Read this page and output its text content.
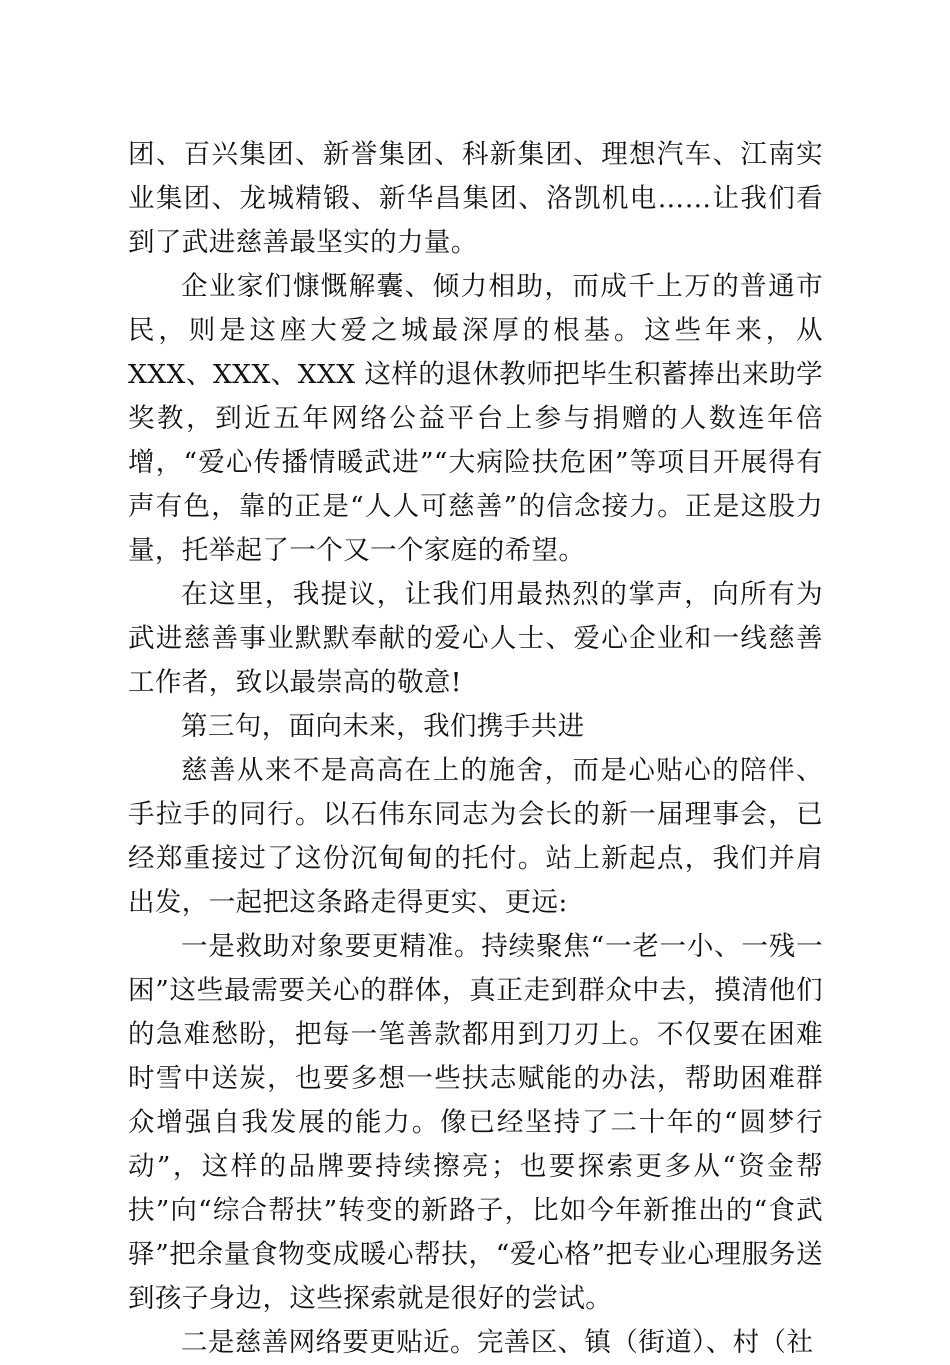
团、百兴集团、新誉集团、科新集团、理想汽车、江南实业集团、龙城精锻、新华昌集团、洛凯机电……让我们看到了武进慈善最坚实的力量。

企业家们慷慨解囊、倾力相助，而成千上万的普通市民，则是这座大爱之城最深厚的根基。这些年来，从 XXX、XXX、XXX 这样的退休教师把毕生积蓄捧出来助学奖教，到近五年网络公益平台上参与捐赠的人数连年倍增，“爱心传播情暖武进”“大病险扶危困”等项目开展得有声有色，靠的正是“人人可慈善”的信念接力。正是这股力量，托举起了一个又一个家庭的希望。

在这里，我提议，让我们用最热烈的掌声，向所有为武进慈善事业默默奉献的爱心人士、爱心企业和一线慈善工作者，致以最崇高的敬意!

第三句，面向未来，我们携手共进

慈善从来不是高高在上的施舍，而是心贴心的陪伴、手拉手的同行。以石伟东同志为会长的新一届理事会，已经郑重接过了这份沉甸甸的托付。站上新起点，我们并肩出发，一起把这条路走得更实、更远:

一是救助对象要更精准。持续聚焦“一老一小、一残一困”这些最需要关心的群体，真正走到群众中去，摸清他们的急难愁盼，把每一笔善款都用到刀刃上。不仅要在困难时雪中送炭，也要多想一些扶志赋能的办法，帮助困难群众增强自我发展的能力。像已经坚持了二十年的“圆梦行动”，这样的品牌要持续擦亮；也要探索更多从“资金帮扶”向“综合帮扶”转变的新路子，比如今年新推出的“食武驿”把余量食物变成暖心帮扶，“爱心格”把专业心理服务送到孩子身边，这些探索就是很好的尝试。

二是慈善网络要更贴近。完善区、镇（街道）、村（社
